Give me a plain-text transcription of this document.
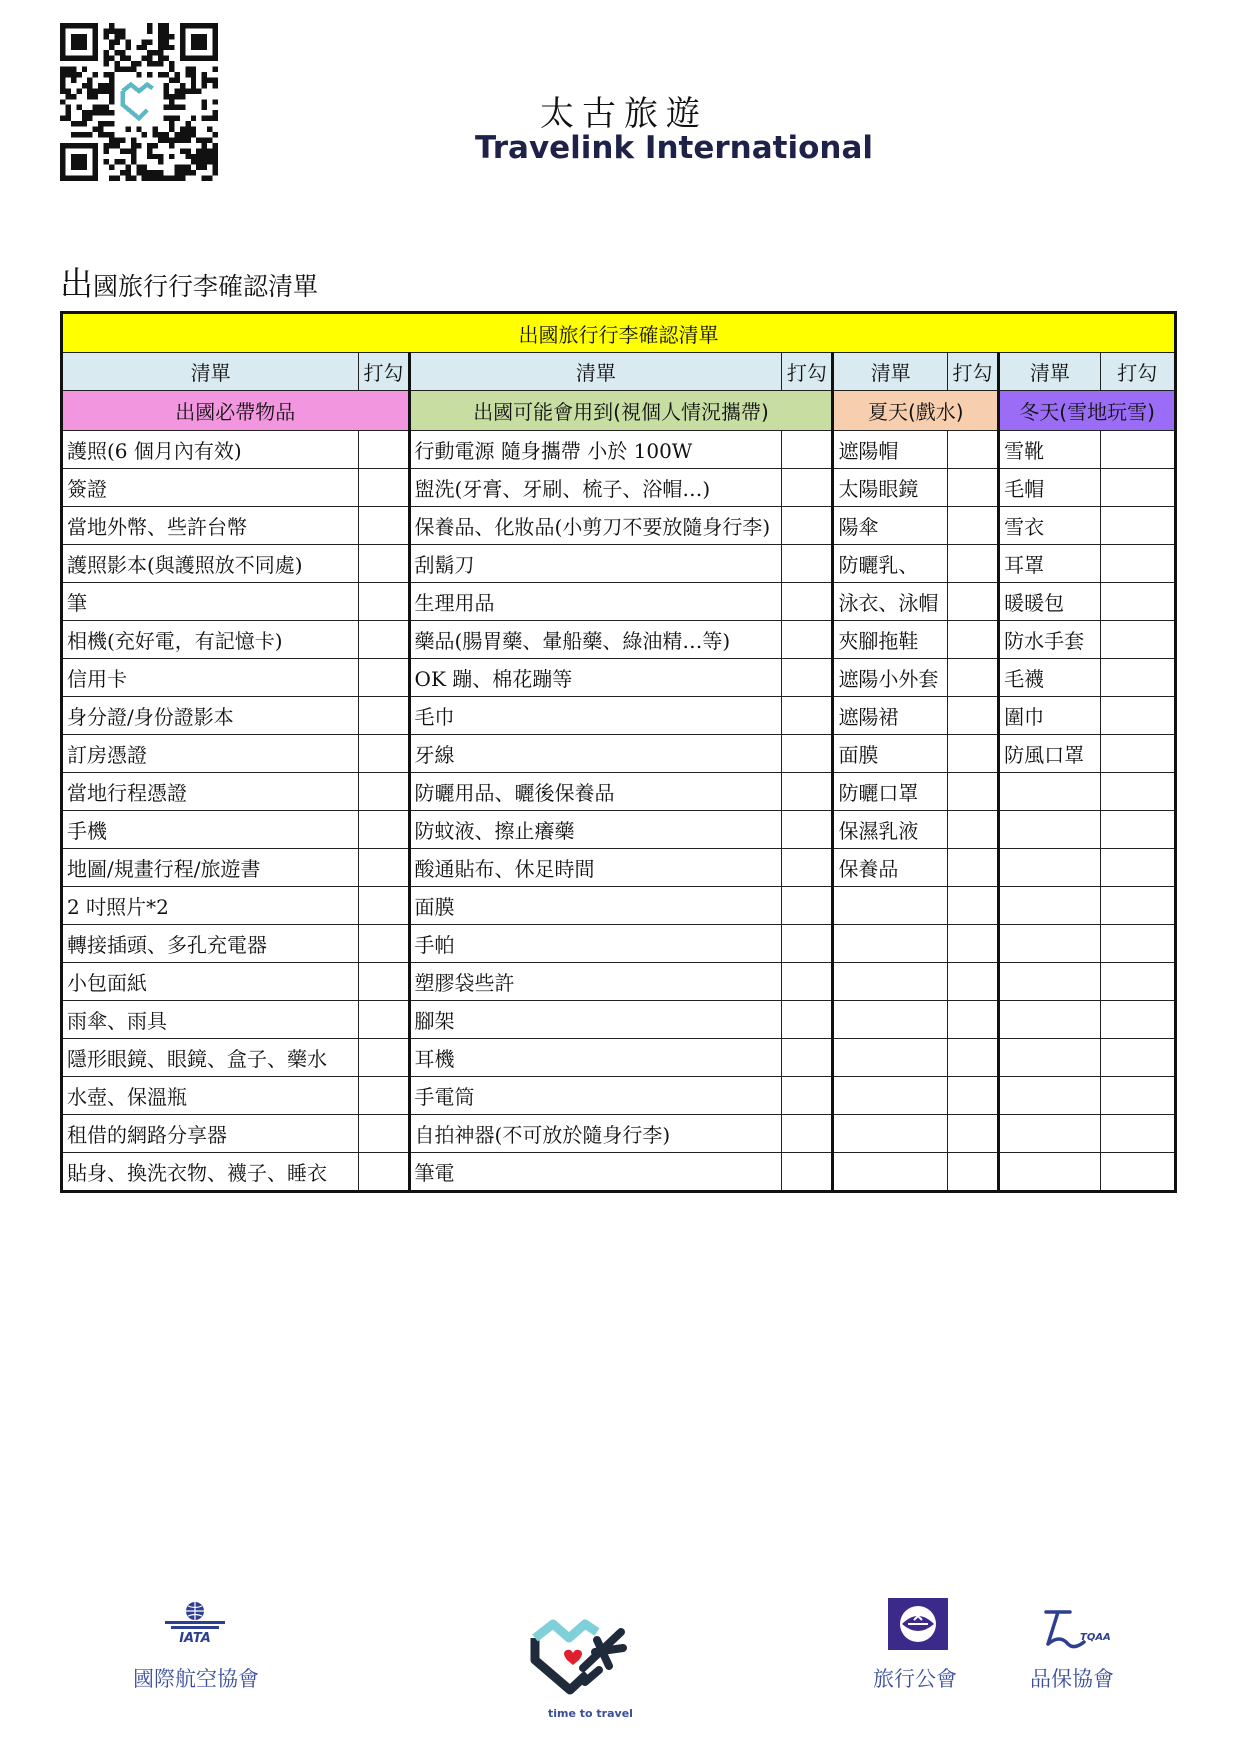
太古旅遊
Travelink International
出國旅行行李確認清單
出國旅行行李確認清單							
清單	打勾	清單	打勾	清單	打勾	清單	打勾
出國必帶物品		出國可能會用到(視個人情況攜帶)		夏天(戲水)		冬天(雪地玩雪)	
護照(6 個月內有效)		行動電源 隨身攜帶 小於 100W		遮陽帽		雪靴	
簽證		盥洗(牙膏、牙刷、梳子、浴帽…)		太陽眼鏡		毛帽	
當地外幣、些許台幣		保養品、化妝品(小剪刀不要放隨身行李)		陽傘		雪衣	
護照影本(與護照放不同處)		刮鬍刀		防曬乳、		耳罩	
筆		生理用品		泳衣、泳帽		暖暖包	
相機(充好電，有記憶卡)		藥品(腸胃藥、暈船藥、綠油精…等)		夾腳拖鞋		防水手套	
信用卡		OK 蹦、棉花蹦等		遮陽小外套		毛襪	
身分證/身份證影本		毛巾		遮陽裙		圍巾	
訂房憑證		牙線		面膜		防風口罩	
當地行程憑證		防曬用品、曬後保養品		防曬口罩			
手機		防蚊液、擦止癢藥		保濕乳液			
地圖/規畫行程/旅遊書		酸通貼布、休足時間		保養品			
2 吋照片*2		面膜					
轉接插頭、多孔充電器		手帕					
小包面紙		塑膠袋些許					
雨傘、雨具		腳架					
隱形眼鏡、眼鏡、盒子、藥水		耳機					
水壺、保溫瓶		手電筒					
租借的網路分享器		自拍神器(不可放於隨身行李)					
貼身、換洗衣物、襪子、睡衣		筆電					
IATA
國際航空協會
time to travel
旅行公會
TQAA
品保協會
